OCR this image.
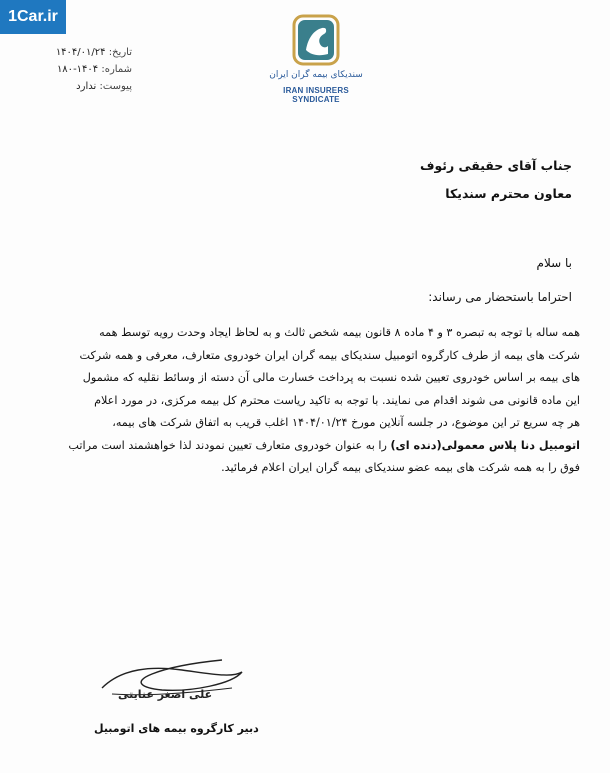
1Car.ir
تاریخ: ۱۴۰۴/۰۱/۲۴
شماره: ۱۴۰۴-۱۸۰
پیوست: ندارد
سندیکای بیمه گران ایران
IRAN INSURERS SYNDICATE
جناب آقای حقیقی رئوف
معاون محترم سندیکا
با سلام
احتراما باستحضار می رساند:
همه ساله با توجه به تبصره ۳ و ۴ ماده ۸ قانون بیمه شخص ثالث و به لحاظ ایجاد وحدت رویه توسط همه
شرکت های بیمه از طرف کارگروه اتومبیل سندیکای بیمه گران ایران خودروی متعارف، معرفی و همه شرکت
های بیمه بر اساس خودروی تعیین شده نسبت به پرداخت خسارت مالی آن دسته از وسائط نقلیه که مشمول
این ماده قانونی می شوند اقدام می نمایند. با توجه به تاکید ریاست محترم کل بیمه مرکزی، در مورد اعلام
هر چه سریع تر این موضوع، در جلسه آنلاین مورخ ۱۴۰۴/۰۱/۲۴ اغلب قریب به اتفاق شرکت های بیمه،
اتومبیل دنا پلاس معمولی(دنده ای) را به عنوان خودروی متعارف تعیین نمودند لذا خواهشمند است مراتب
فوق را به همه شرکت های بیمه عضو سندیکای بیمه گران ایران اعلام فرمائید.
علی اصغر عنایتی
دبیر کارگروه بیمه های اتومبیل
